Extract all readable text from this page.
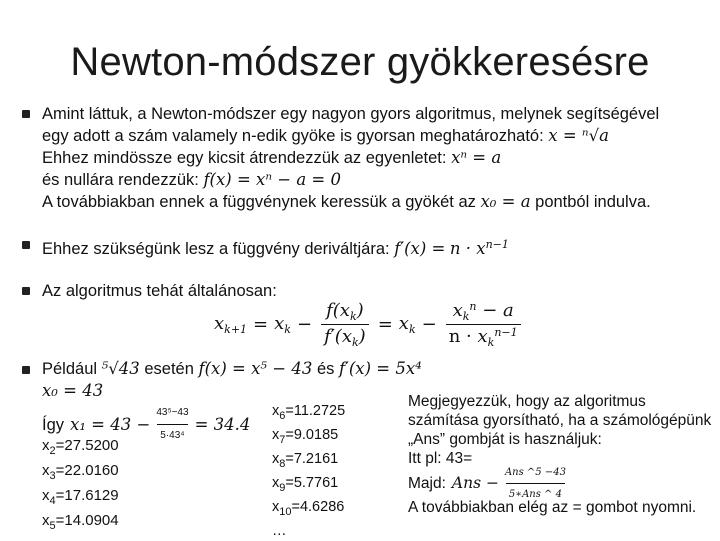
Newton-módszer gyökkeresésre
Amint láttuk, a Newton-módszer egy nagyon gyors algoritmus, melynek segítségével
egy adott a szám valamely n-edik gyöke is gyorsan meghatározható: x = ⁿ√a
Ehhez mindössze egy kicsit átrendezzük az egyenletet: xⁿ = a
és nullára rendezzük: f(x) = xⁿ − a = 0
A továbbiakban ennek a függvénynek keressük a gyökét az x₀ = a pontból indulva.
Ehhez szükségünk lesz a függvény deriváltjára: $f'(x) = n \cdot x^{n-1}$
Az algoritmus tehát általánosan:
$x_{k+1} = x_k - \frac{f(x_k)}{f'(x_k)} = x_k - \frac{x_k^n - a}{n \cdot x_k^{n-1}}$
Például ⁵√43 esetén f(x) = x⁵ − 43 és f′(x) = 5x⁴
x₀ = 43
Így $x_1 = 43 - \frac{\text{43⁵−43}}{\text{5·43⁴}} = 34.4$
$x_2=27.5200$
$x_3=22.0160$
$x_4=17.6129$
$x_5=14.0904$
$x_6=11.2725$
$x_7=9.0185$
$x_8=7.2161$
$x_9=5.7761$
$x_{10}=4.6286$
…
Megjegyezzük, hogy az algoritmus
számítása gyorsítható, ha a számológépünk
„Ans” gombját is használjuk:
Itt pl: 43=
Majd: Ans − $\frac{\text{Ans \textasciicircum{}5 −43}}{\text{5∗Ans \textasciicircum{} 4}}$
A továbbiakban elég az = gombot nyomni.
